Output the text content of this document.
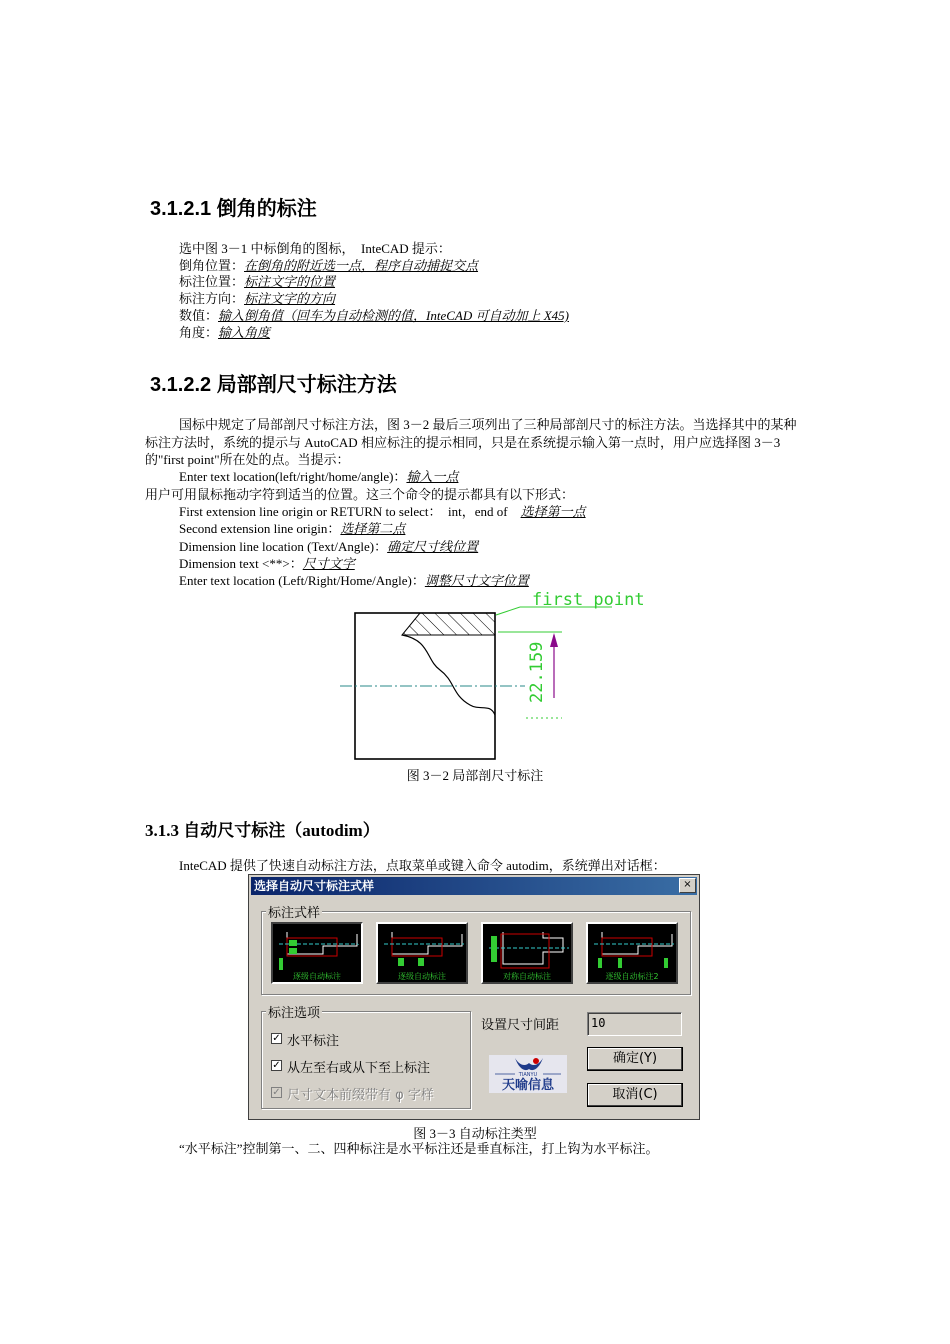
3.1.2.1 倒角的标注
选中图 3－1 中标倒角的图标，　InteCAD 提示：
倒角位置：在倒角的附近选一点，程序自动捕捉交点
标注位置：标注文字的位置
标注方向：标注文字的方向
数值：输入倒角值（回车为自动检测的值，InteCAD 可自动加上 X45)
角度：输入角度
3.1.2.2 局部剖尺寸标注方法
国标中规定了局部剖尺寸标注方法，图 3－2 最后三项列出了三种局部剖尺寸的标注方法。当选择其中的某种标注方法时，系统的提示与 AutoCAD 相应标注的提示相同，只是在系统提示输入第一点时，用户应选择图 3－3 的"first point"所在处的点。当提示：
Enter text location(left/right/home/angle)：输入一点
用户可用鼠标拖动字符到适当的位置。这三个命令的提示都具有以下形式：
First extension line origin or RETURN to select：　int，end of　选择第一点
Second extension line origin：选择第二点
Dimension line location (Text/Angle)：确定尺寸线位置
Dimension text <**>：尺寸文字
Enter text location (Left/Right/Home/Angle)：调整尺寸文字位置
first point
22.159
图 3－2 局部剖尺寸标注
3.1.3 自动尺寸标注（autodim）
InteCAD 提供了快速自动标注方法，点取菜单或键入命令 autodim，系统弹出对话框：
选择自动尺寸标注式样	×
标注式样
逐级自动标注	逐级自动标注	对称自动标注	逐级自动标注2
标注选项
✓ 水平标注
✓ 从左至右或从下至上标注
✓ 尺寸文本前缀带有 φ 字样
设置尺寸间距	10
TIANYU
天喻信息
确定(Y)
取消(C)
图 3－3 自动标注类型
“水平标注”控制第一、二、四种标注是水平标注还是垂直标注，打上钩为水平标注。
